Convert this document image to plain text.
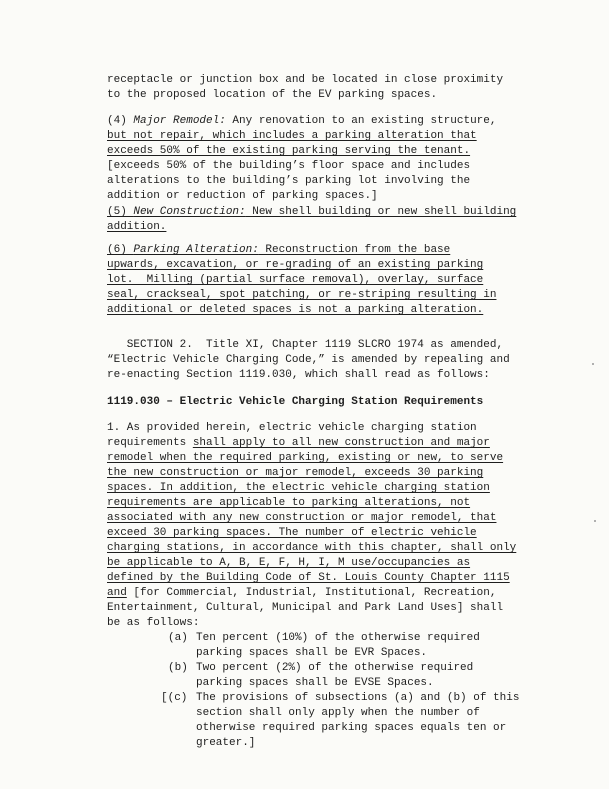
receptacle or junction box and be located in close proximity
to the proposed location of the EV parking spaces.
(4) Major Remodel: Any renovation to an existing structure,
but not repair, which includes a parking alteration that
exceeds 50% of the existing parking serving the tenant.
[exceeds 50% of the building’s floor space and includes
alterations to the building’s parking lot involving the
addition or reduction of parking spaces.]
(5) New Construction: New shell building or new shell building
addition.
(6) Parking Alteration: Reconstruction from the base
upwards, excavation, or re-grading of an existing parking
lot.  Milling (partial surface removal), overlay, surface
seal, crackseal, spot patching, or re-striping resulting in
additional or deleted spaces is not a parking alteration.
SECTION 2.  Title XI, Chapter 1119 SLCRO 1974 as amended,
“Electric Vehicle Charging Code,” is amended by repealing and
re-enacting Section 1119.030, which shall read as follows:
1119.030 – Electric Vehicle Charging Station Requirements
1. As provided herein, electric vehicle charging station
requirements shall apply to all new construction and major
remodel when the required parking, existing or new, to serve
the new construction or major remodel, exceeds 30 parking
spaces. In addition, the electric vehicle charging station
requirements are applicable to parking alterations, not
associated with any new construction or major remodel, that
exceed 30 parking spaces. The number of electric vehicle
charging stations, in accordance with this chapter, shall only
be applicable to A, B, E, F, H, I, M use/occupancies as
defined by the Building Code of St. Louis County Chapter 1115
and [for Commercial, Industrial, Institutional, Recreation,
Entertainment, Cultural, Municipal and Park Land Uses] shall
be as follows:
(a) Ten percent (10%) of the otherwise required
parking spaces shall be EVR Spaces.
(b) Two percent (2%) of the otherwise required
parking spaces shall be EVSE Spaces.
[(c) The provisions of subsections (a) and (b) of this
section shall only apply when the number of
otherwise required parking spaces equals ten or
greater.]
